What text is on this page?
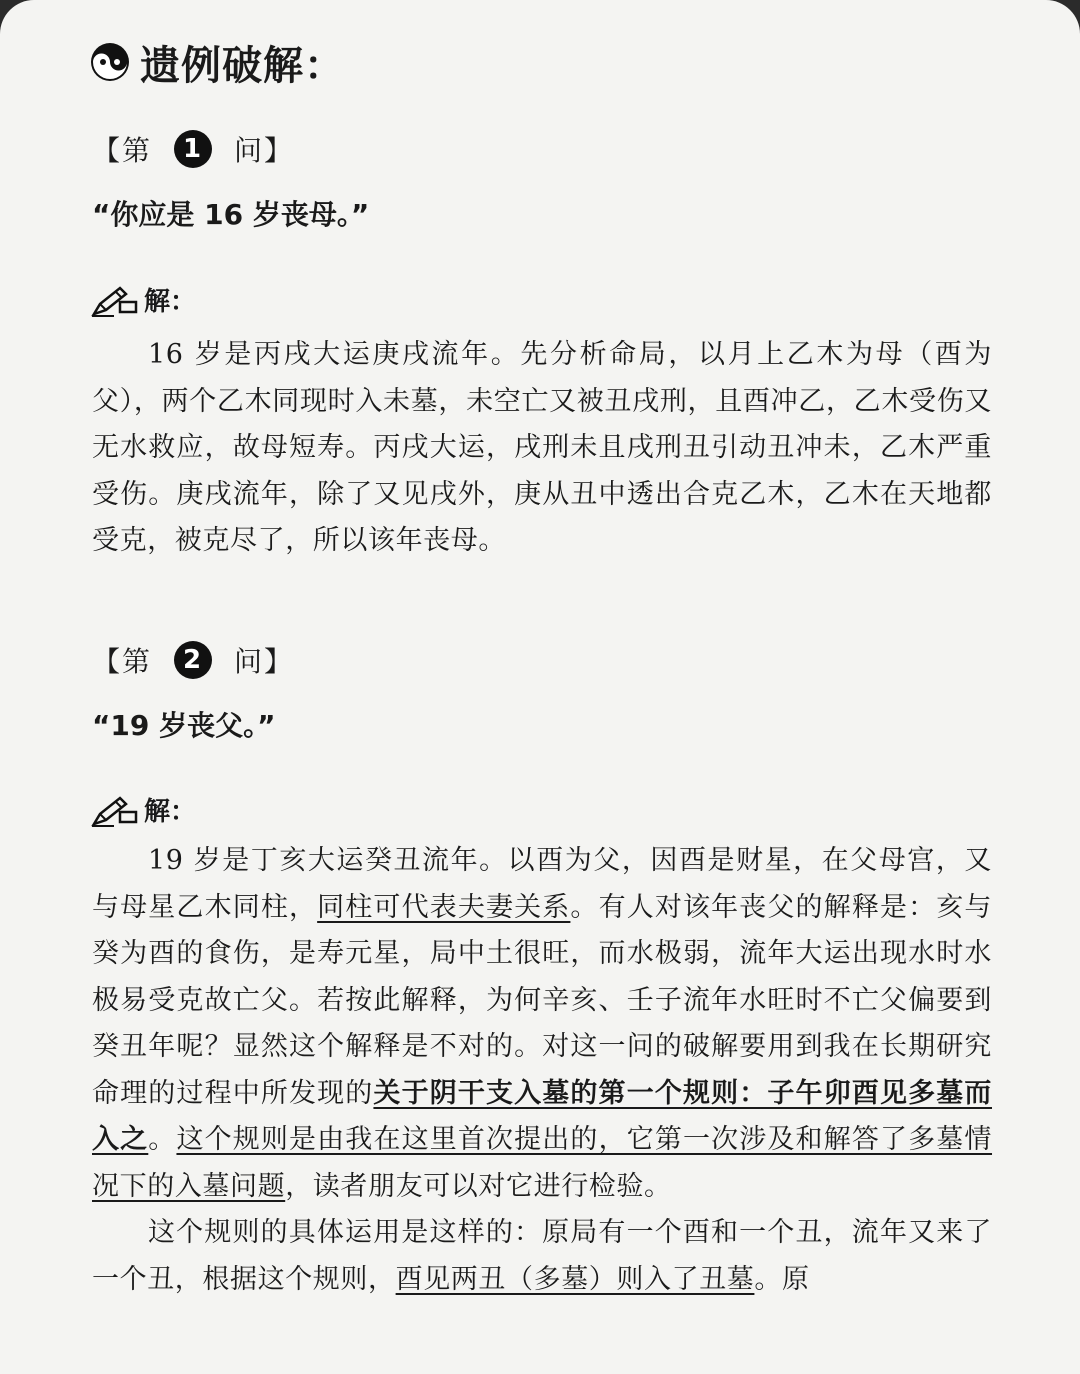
遗例破解：
【第	1	问】
“你应是 16 岁丧母。”
解：

16 岁是丙戌大运庚戌流年。先分析命局，以月上乙木为母（酉为父），两个乙木同现时入未墓，未空亡又被丑戌刑，且酉冲乙，乙木受伤又无水救应，故母短寿。丙戌大运，戌刑未且戌刑丑引动丑冲未，乙木严重受伤。庚戌流年，除了又见戌外，庚从丑中透出合克乙木，乙木在天地都受克，被克尽了，所以该年丧母。

【第	2	问】
“19 岁丧父。”
解：

19 岁是丁亥大运癸丑流年。以酉为父，因酉是财星，在父母宫，又与母星乙木同柱，同柱可代表夫妻关系。有人对该年丧父的解释是：亥与癸为酉的食伤，是寿元星，局中土很旺，而水极弱，流年大运出现水时水极易受克故亡父。若按此解释，为何辛亥、壬子流年水旺时不亡父偏要到癸丑年呢？显然这个解释是不对的。对这一问的破解要用到我在长期研究命理的过程中所发现的关于阴干支入墓的第一个规则：子午卯酉见多墓而入之。这个规则是由我在这里首次提出的，它第一次涉及和解答了多墓情况下的入墓问题，读者朋友可以对它进行检验。

这个规则的具体运用是这样的：原局有一个酉和一个丑，流年又来了一个丑，根据这个规则，酉见两丑（多墓）则入了丑墓。原
